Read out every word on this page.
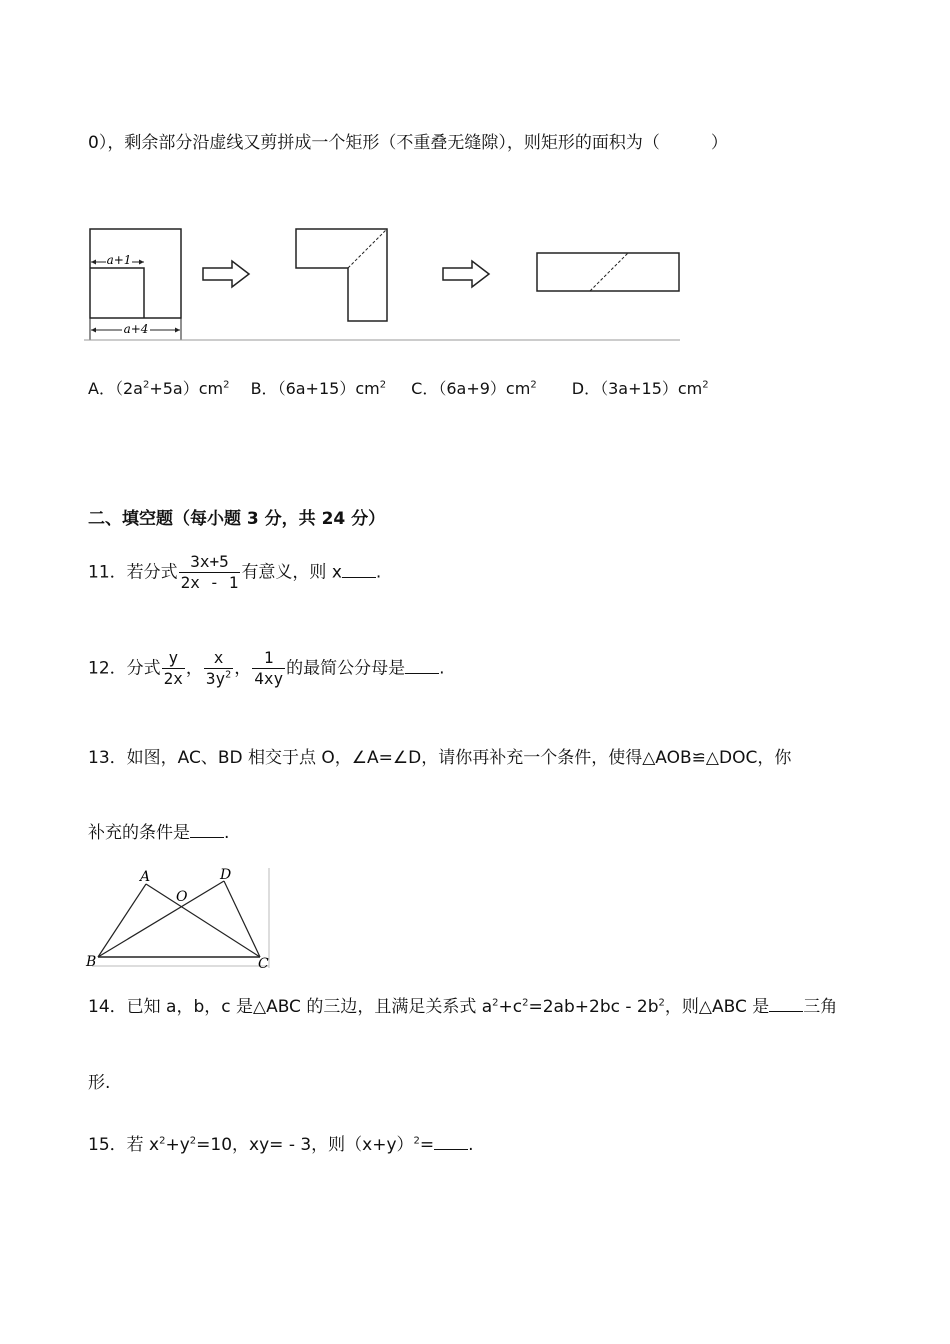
0），剩余部分沿虚线又剪拼成一个矩形（不重叠无缝隙），则矩形的面积为（　　　）
a+1
a+4
A．$(2a^2+5a)cm^2$ B．$(6a+15)cm^2$ C．$(6a+9)cm^2$ D．$(3a+15)cm^2$
二、填空题（每小题 3 分，共 24 分）
11．若分式 $\frac{3x+5}{2x - 1}$ 有意义，则 x .
12．分式 $\frac{y}{2x}$ ， $\frac{x}{3y^2}$ ， $\frac{1}{4xy}$ 的最简公分母是 .
13．如图，AC、BD 相交于点 O，∠A=∠D，请你再补充一个条件，使得△AOB≌△DOC，你
补充的条件是 .
A	D
O
B	C
14．已知 a，b，c 是△ABC 的三边，且满足关系式 $a^2+c^2=2ab+2bc - 2b^2$，则△ABC 是 三角
形.
15．若 $x^2+y^2=10$，xy= - 3，则$(x+y)^2=$ .
